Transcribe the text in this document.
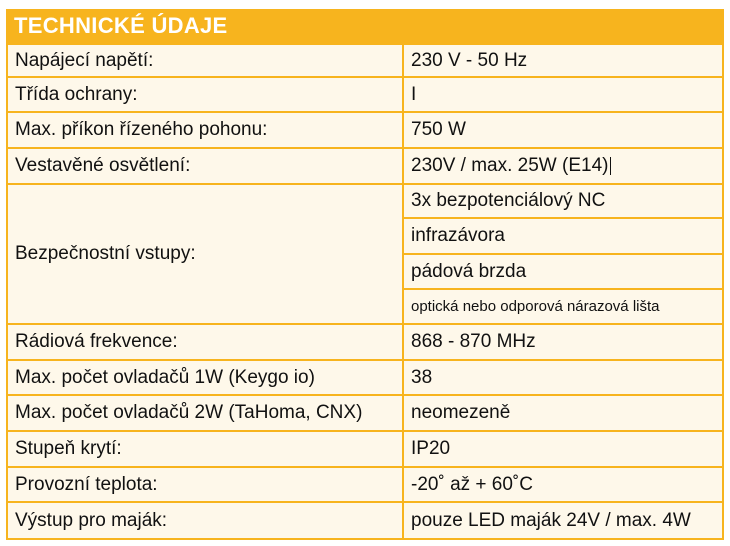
TECHNICKÉ ÚDAJE
Napájecí napětí:	230 V - 50 Hz
Třída ochrany:	I
Max. příkon řízeného pohonu:	750 W
Vestavěné osvětlení:	230V / max. 25W (E14)
Bezpečnostní vstupy:
3x bezpotenciálový NC
infrazávora
pádová brzda
optická nebo odporová nárazová lišta
Rádiová frekvence:	868 - 870 MHz
Max. počet ovladačů 1W (Keygo io)	38
Max. počet ovladačů 2W (TaHoma, CNX)	neomezeně
Stupeň krytí:	IP20
Provozní teplota:	-20˚ až + 60˚C
Výstup pro maják:	pouze LED maják 24V / max. 4W
